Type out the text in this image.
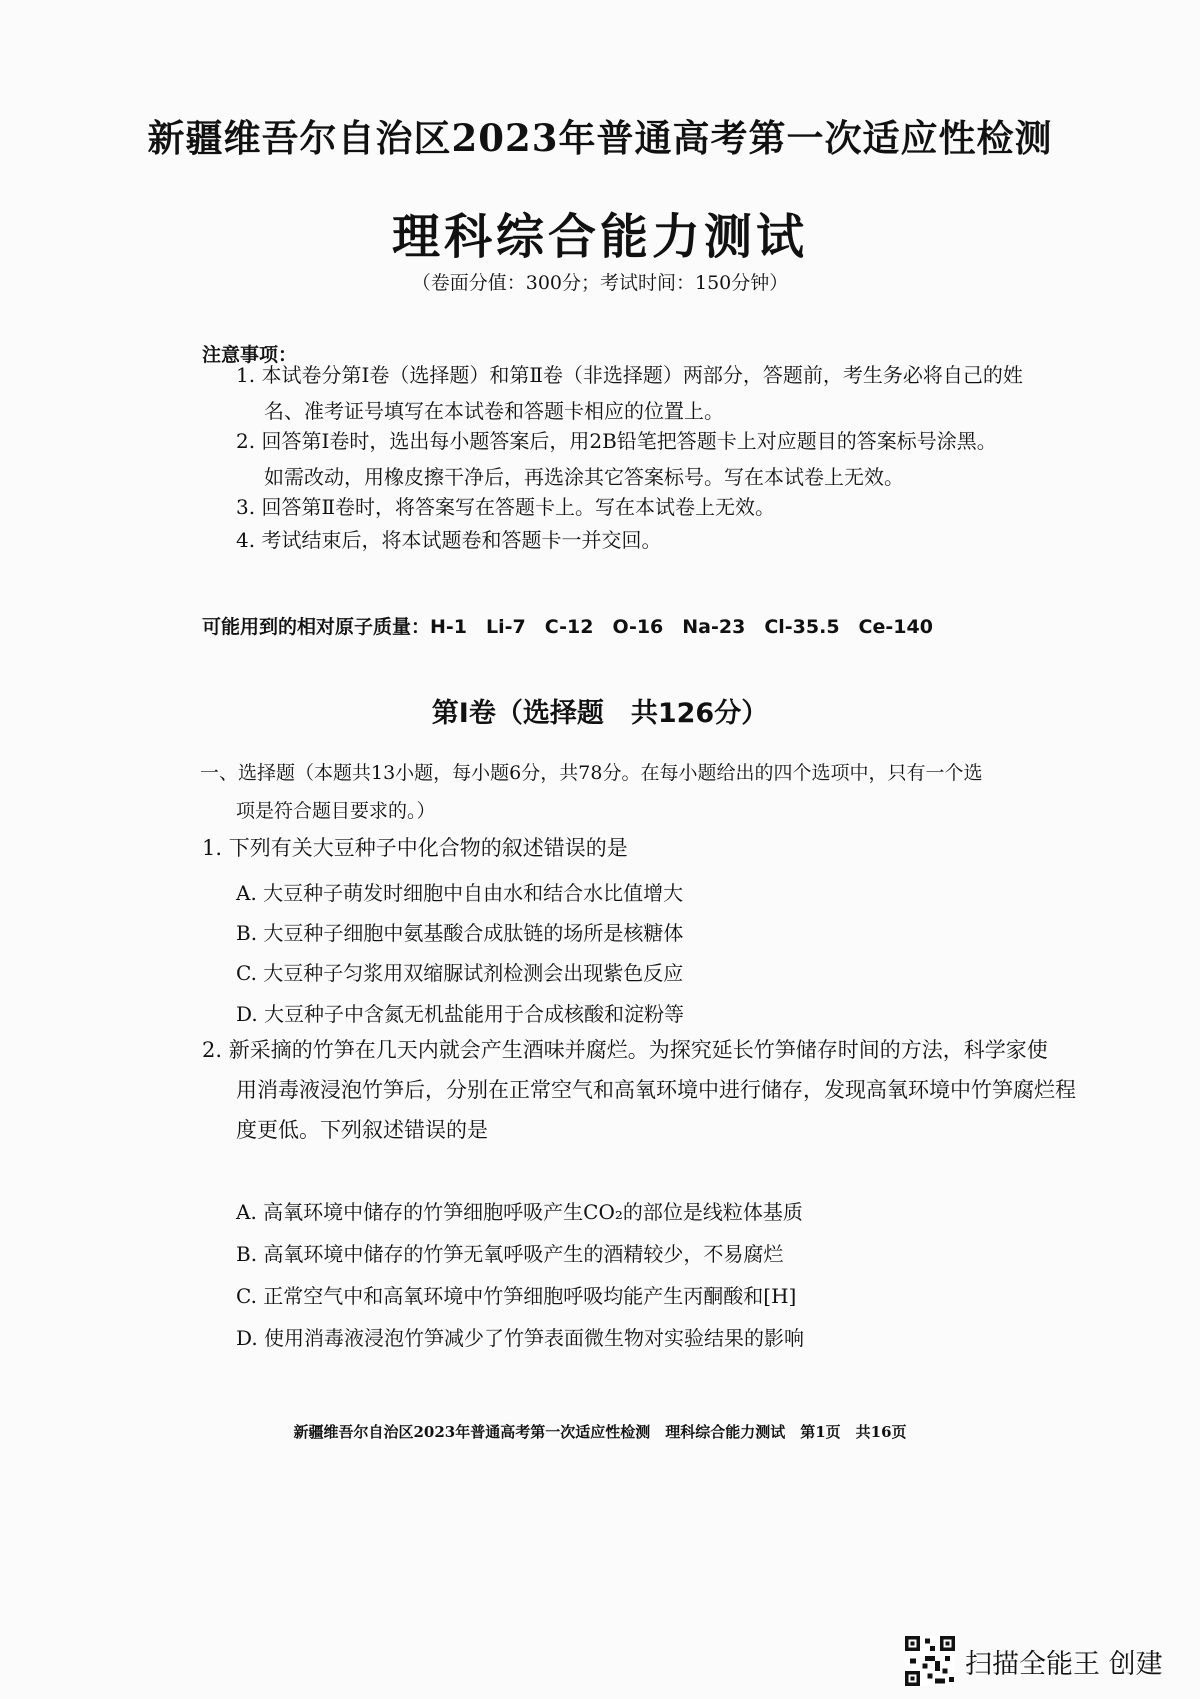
新疆维吾尔自治区2023年普通高考第一次适应性检测
理科综合能力测试
（卷面分值：300分；考试时间：150分钟）
注意事项：
1. 本试卷分第Ⅰ卷（选择题）和第Ⅱ卷（非选择题）两部分，答题前，考生务必将自己的姓
名、准考证号填写在本试卷和答题卡相应的位置上。
2. 回答第Ⅰ卷时，选出每小题答案后，用2B铅笔把答题卡上对应题目的答案标号涂黑。
如需改动，用橡皮擦干净后，再选涂其它答案标号。写在本试卷上无效。
3. 回答第Ⅱ卷时，将答案写在答题卡上。写在本试卷上无效。
4. 考试结束后，将本试题卷和答题卡一并交回。
可能用到的相对原子质量：H-1　Li-7　C-12　O-16　Na-23　Cl-35.5　Ce-140
第Ⅰ卷（选择题　共126分）
一、选择题（本题共13小题，每小题6分，共78分。在每小题给出的四个选项中，只有一个选
项是符合题目要求的。）
1. 下列有关大豆种子中化合物的叙述错误的是
A. 大豆种子萌发时细胞中自由水和结合水比值增大
B. 大豆种子细胞中氨基酸合成肽链的场所是核糖体
C. 大豆种子匀浆用双缩脲试剂检测会出现紫色反应
D. 大豆种子中含氮无机盐能用于合成核酸和淀粉等
2. 新采摘的竹笋在几天内就会产生酒味并腐烂。为探究延长竹笋储存时间的方法，科学家使
用消毒液浸泡竹笋后，分别在正常空气和高氧环境中进行储存，发现高氧环境中竹笋腐烂程
度更低。下列叙述错误的是
A. 高氧环境中储存的竹笋细胞呼吸产生CO₂的部位是线粒体基质
B. 高氧环境中储存的竹笋无氧呼吸产生的酒精较少，不易腐烂
C. 正常空气中和高氧环境中竹笋细胞呼吸均能产生丙酮酸和[H]
D. 使用消毒液浸泡竹笋减少了竹笋表面微生物对实验结果的影响
新疆维吾尔自治区2023年普通高考第一次适应性检测　理科综合能力测试　第1页　共16页
扫描全能王 创建
